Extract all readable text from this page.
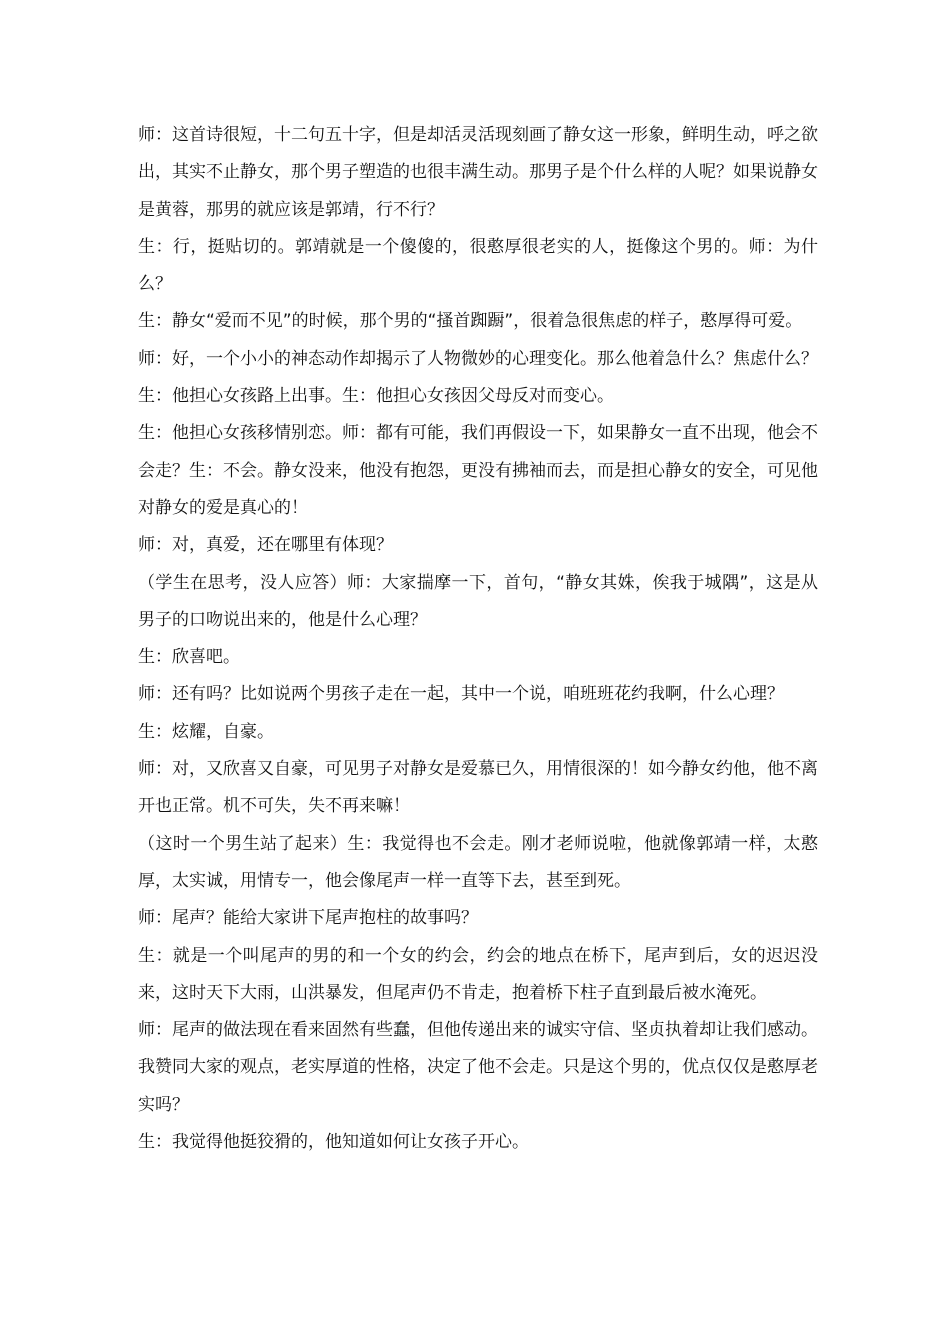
师：这首诗很短，十二句五十字，但是却活灵活现刻画了静女这一形象，鲜明生动，呼之欲出，其实不止静女，那个男子塑造的也很丰满生动。那男子是个什么样的人呢？如果说静女是黄蓉，那男的就应该是郭靖，行不行？

生：行，挺贴切的。郭靖就是一个傻傻的，很憨厚很老实的人，挺像这个男的。师：为什么？

生：静女“爱而不见”的时候，那个男的“搔首踟蹰”，很着急很焦虑的样子，憨厚得可爱。

师：好，一个小小的神态动作却揭示了人物微妙的心理变化。那么他着急什么？焦虑什么？

生：他担心女孩路上出事。生：他担心女孩因父母反对而变心。

生：他担心女孩移情别恋。师：都有可能，我们再假设一下，如果静女一直不出现，他会不会走？生：不会。静女没来，他没有抱怨，更没有拂袖而去，而是担心静女的安全，可见他对静女的爱是真心的！

师：对，真爱，还在哪里有体现？

（学生在思考，没人应答）师：大家揣摩一下，首句，“静女其姝，俟我于城隅”，这是从男子的口吻说出来的，他是什么心理？

生：欣喜吧。

师：还有吗？比如说两个男孩子走在一起，其中一个说，咱班班花约我啊，什么心理？

生：炫耀，自豪。

师：对，又欣喜又自豪，可见男子对静女是爱慕已久，用情很深的！如今静女约他，他不离开也正常。机不可失，失不再来嘛！

（这时一个男生站了起来）生：我觉得也不会走。刚才老师说啦，他就像郭靖一样，太憨厚，太实诚，用情专一，他会像尾声一样一直等下去，甚至到死。

师：尾声？能给大家讲下尾声抱柱的故事吗？

生：就是一个叫尾声的男的和一个女的约会，约会的地点在桥下，尾声到后，女的迟迟没来，这时天下大雨，山洪暴发，但尾声仍不肯走，抱着桥下柱子直到最后被水淹死。

师：尾声的做法现在看来固然有些蠢，但他传递出来的诚实守信、坚贞执着却让我们感动。我赞同大家的观点，老实厚道的性格，决定了他不会走。只是这个男的，优点仅仅是憨厚老实吗？

生：我觉得他挺狡猾的，他知道如何让女孩子开心。
